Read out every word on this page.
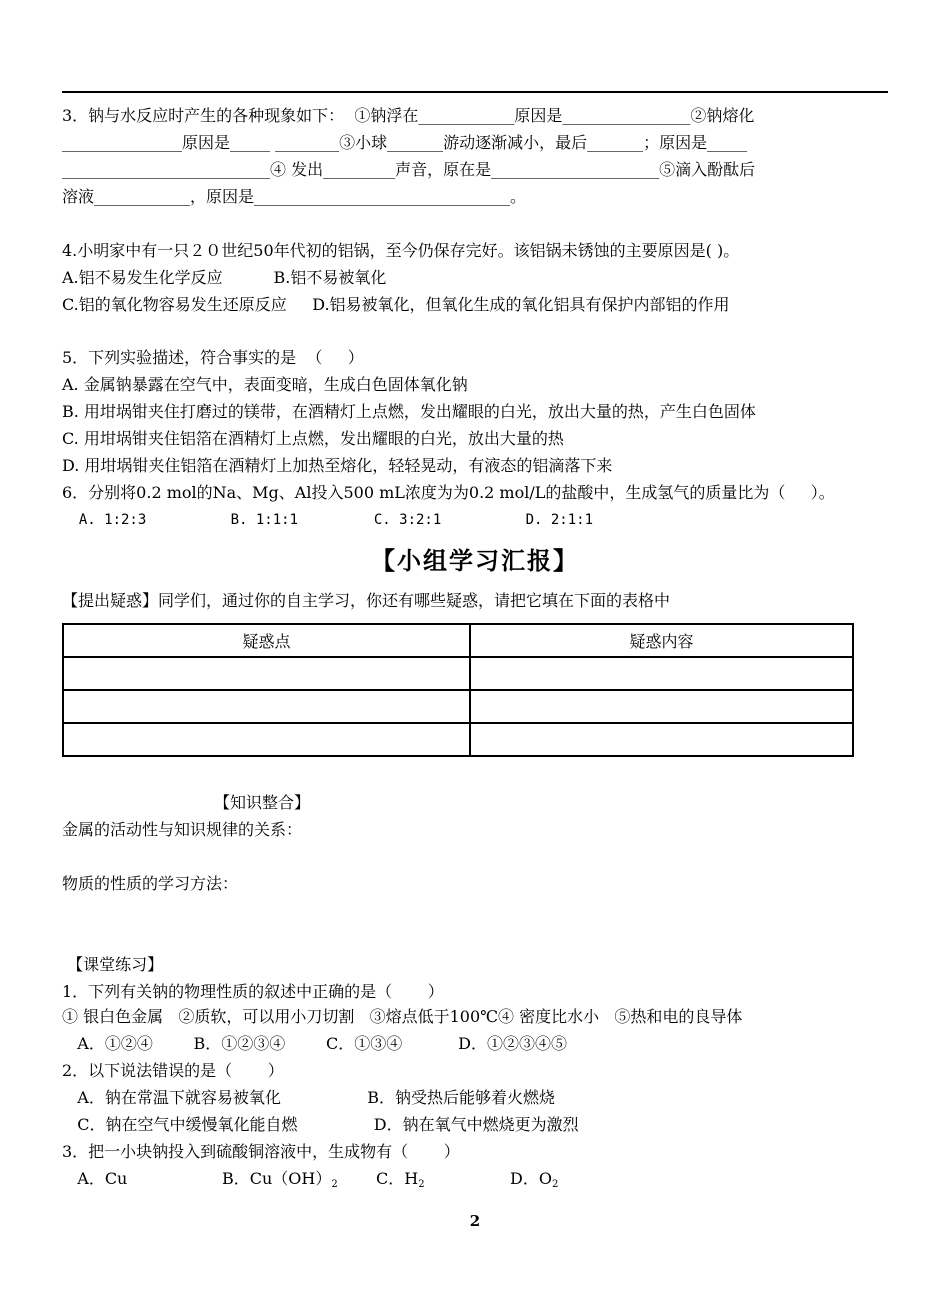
3．钠与水反应时产生的各种现象如下：  ①钠浮在____________原因是________________②钠熔化
_______________原因是_____ ________③小球_______游动逐渐减小，最后_______；原因是_____
__________________________④ 发出_________声音，原在是_____________________⑤滴入酚酞后
溶液____________，原因是________________________________。
4.小明家中有一只２０世纪50年代初的铝锅，至今仍保存完好。该铝锅未锈蚀的主要原因是( )。
A.铝不易发生化学反应          B.铝不易被氧化
C.铝的氧化物容易发生还原反应     D.铝易被氧化，但氧化生成的氧化铝具有保护内部铝的作用
5．下列实验描述，符合事实的是  （     ）
A. 金属钠暴露在空气中，表面变暗，生成白色固体氧化钠
B. 用坩埚钳夹住打磨过的镁带，在酒精灯上点燃，发出耀眼的白光，放出大量的热，产生白色固体
C. 用坩埚钳夹住铝箔在酒精灯上点燃，发出耀眼的白光，放出大量的热
D. 用坩埚钳夹住铝箔在酒精灯上加热至熔化，轻轻晃动，有液态的铝滴落下来
6．分别将0.2 mol的Na、Mg、Al投入500 mL浓度为为0.2 mol/L的盐酸中，生成氢气的质量比为（     ）。
A. 1:2:3          B. 1:1:1         C. 3:2:1          D. 2:1:1
【小组学习汇报】
【提出疑惑】同学们，通过你的自主学习，你还有哪些疑惑，请把它填在下面的表格中
疑惑点	疑惑内容

【知识整合】
金属的活动性与知识规律的关系：
物质的性质的学习方法：
【课堂练习】
1．下列有关钠的物理性质的叙述中正确的是（       ）
① 银白色金属   ②质软，可以用小刀切割   ③熔点低于100℃④ 密度比水小   ⑤热和电的良导体
A．①②④        B．①②③④        C．①③④           D．①②③④⑤
2．以下说法错误的是（       ）
A．钠在常温下就容易被氧化                 B．钠受热后能够着火燃烧
C．钠在空气中缓慢氧化能自燃               D．钠在氧气中燃烧更为激烈
3．把一小块钠投入到硫酸铜溶液中，生成物有（       ）
A．Cu	B．$Cu(OH)_2$ C．$H_2$	D．$O_2$
2
